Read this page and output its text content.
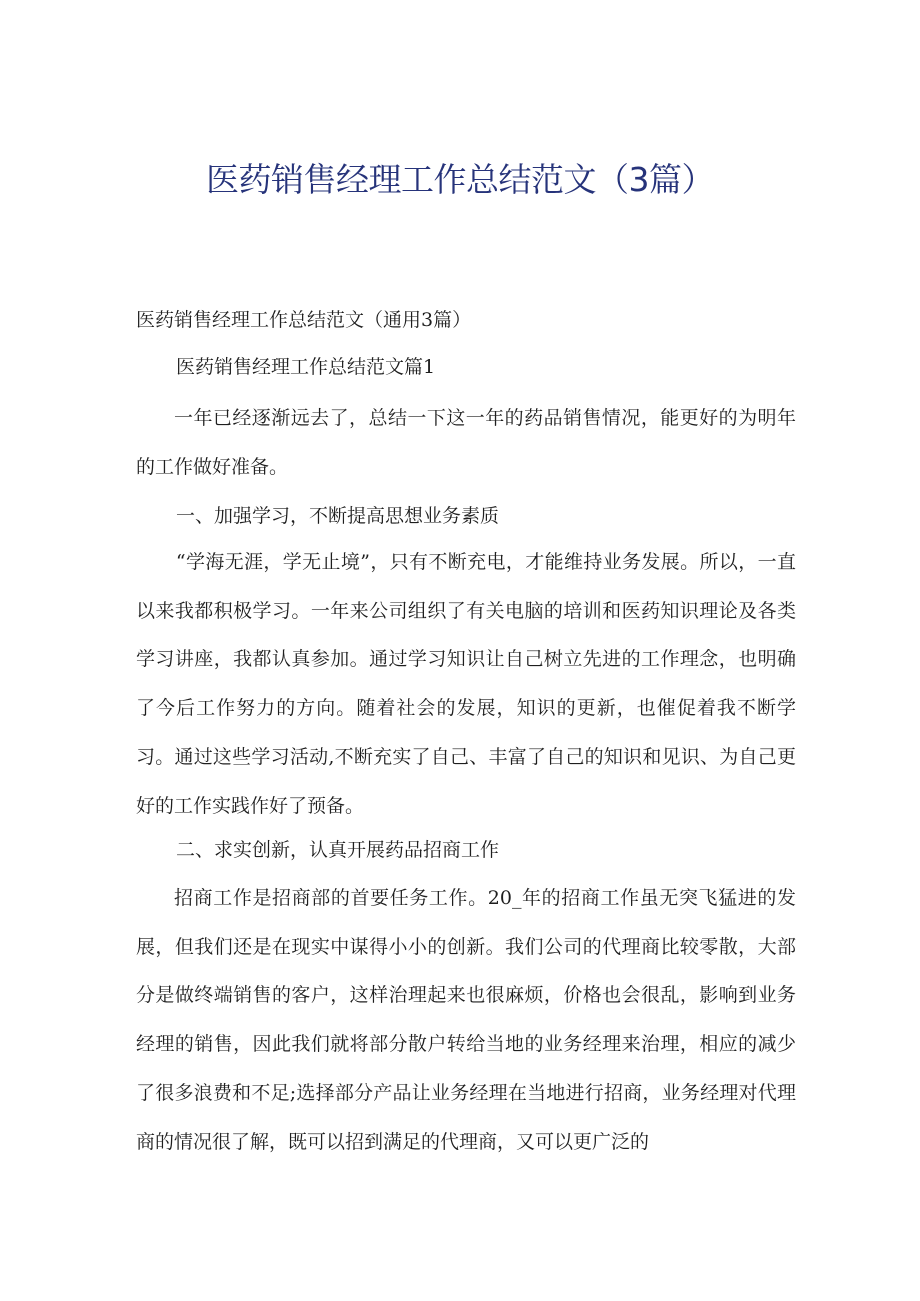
医药销售经理工作总结范文（3篇）

医药销售经理工作总结范文（通用3篇）

医药销售经理工作总结范文篇1

一年已经逐渐远去了，总结一下这一年的药品销售情况，能更好的为明年的工作做好准备。

一、加强学习，不断提高思想业务素质

“学海无涯，学无止境”，只有不断充电，才能维持业务发展。所以，一直以来我都积极学习。一年来公司组织了有关电脑的培训和医药知识理论及各类学习讲座，我都认真参加。通过学习知识让自己树立先进的工作理念，也明确了今后工作努力的方向。随着社会的发展，知识的更新，也催促着我不断学习。通过这些学习活动,不断充实了自己、丰富了自己的知识和见识、为自己更好的工作实践作好了预备。

二、求实创新，认真开展药品招商工作

招商工作是招商部的首要任务工作。20_年的招商工作虽无突飞猛进的发展，但我们还是在现实中谋得小小的创新。我们公司的代理商比较零散，大部分是做终端销售的客户，这样治理起来也很麻烦，价格也会很乱，影响到业务经理的销售，因此我们就将部分散户转给当地的业务经理来治理，相应的减少了很多浪费和不足;选择部分产品让业务经理在当地进行招商，业务经理对代理商的情况很了解，既可以招到满足的代理商，又可以更广泛的
